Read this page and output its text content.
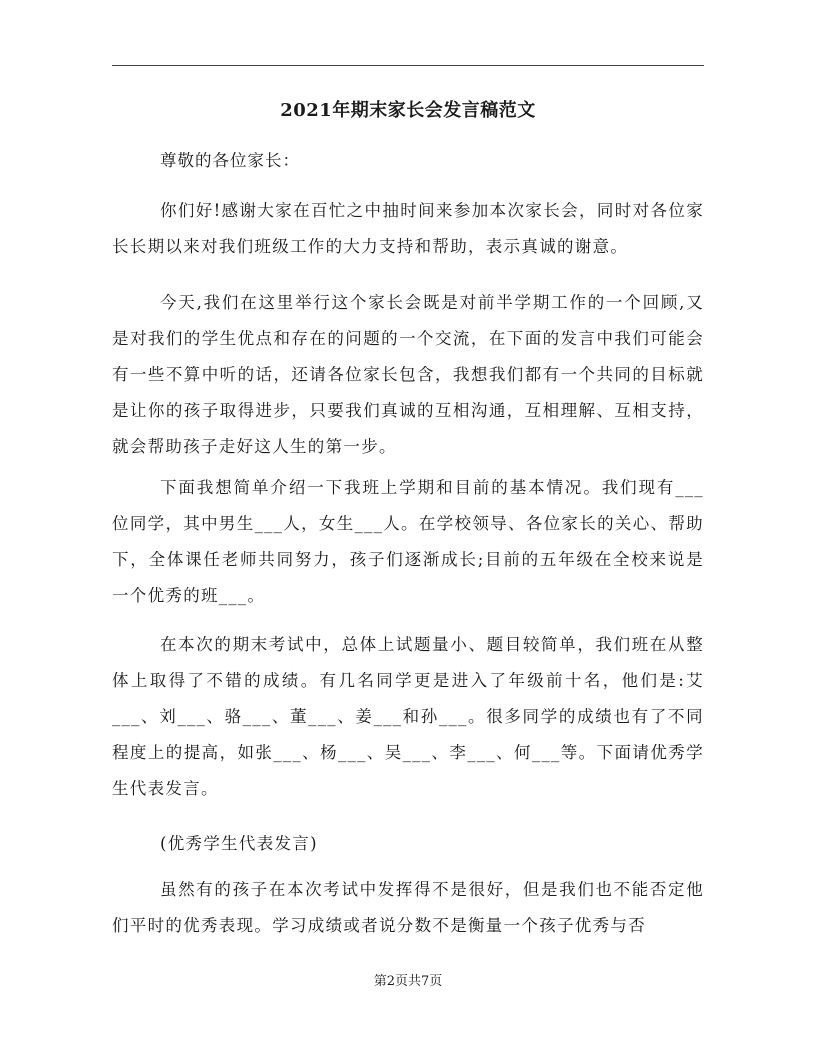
2021年期末家长会发言稿范文
尊敬的各位家长：

你们好!感谢大家在百忙之中抽时间来参加本次家长会，同时对各位家长长期以来对我们班级工作的大力支持和帮助，表示真诚的谢意。

今天,我们在这里举行这个家长会既是对前半学期工作的一个回顾,又是对我们的学生优点和存在的问题的一个交流，在下面的发言中我们可能会有一些不算中听的话，还请各位家长包含，我想我们都有一个共同的目标就是让你的孩子取得进步，只要我们真诚的互相沟通，互相理解、互相支持，就会帮助孩子走好这人生的第一步。

下面我想简单介绍一下我班上学期和目前的基本情况。我们现有___位同学，其中男生___人，女生___人。在学校领导、各位家长的关心、帮助下，全体课任老师共同努力，孩子们逐渐成长;目前的五年级在全校来说是一个优秀的班___。

在本次的期末考试中，总体上试题量小、题目较简单，我们班在从整体上取得了不错的成绩。有几名同学更是进入了年级前十名，他们是:艾___、刘___、骆___、董___、姜___和孙___。很多同学的成绩也有了不同程度上的提高，如张___、杨___、吴___、李___、何___等。下面请优秀学生代表发言。

(优秀学生代表发言)

虽然有的孩子在本次考试中发挥得不是很好，但是我们也不能否定他们平时的优秀表现。学习成绩或者说分数不是衡量一个孩子优秀与否

第2页共7页
